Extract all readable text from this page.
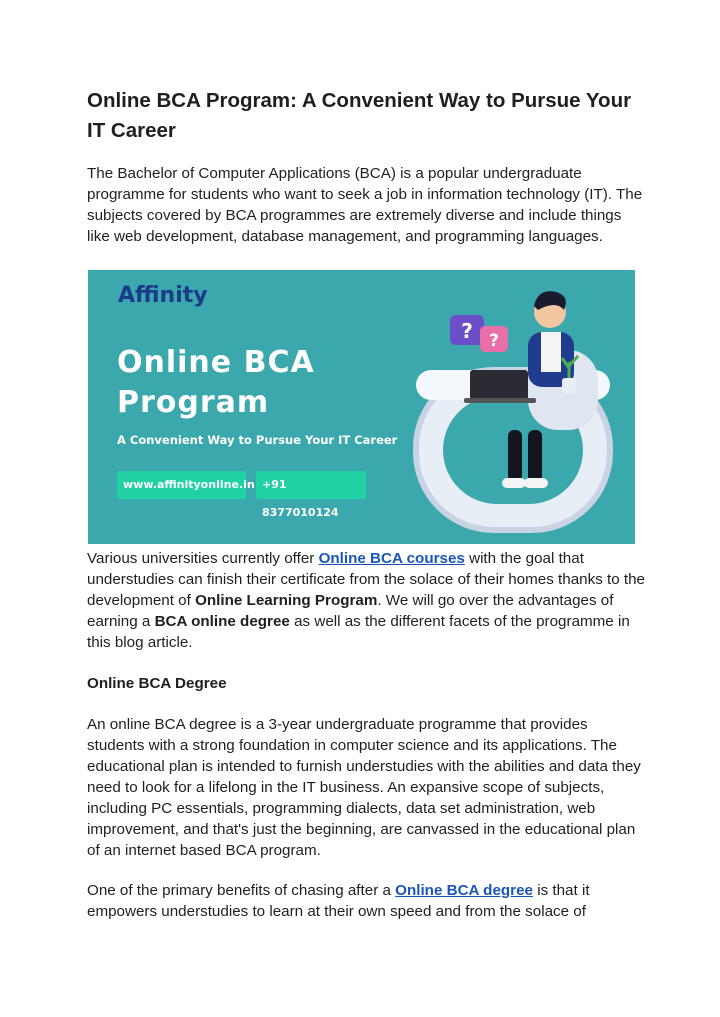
Online BCA Program: A Convenient Way to Pursue Your IT Career

The Bachelor of Computer Applications (BCA) is a popular undergraduate programme for students who want to seek a job in information technology (IT). The subjects covered by BCA programmes are extremely diverse and include things like web development, database management, and programming languages.

Affinity
Online BCA
Program
A Convenient Way to Pursue Your IT Career
www.affinityonline.in +91 8377010124
? ?

Various universities currently offer Online BCA courses with the goal that understudies can finish their certificate from the solace of their homes thanks to the development of Online Learning Program. We will go over the advantages of earning a BCA online degree as well as the different facets of the programme in this blog article.

Online BCA Degree

An online BCA degree is a 3-year undergraduate programme that provides students with a strong foundation in computer science and its applications. The educational plan is intended to furnish understudies with the abilities and data they need to look for a lifelong in the IT business. An expansive scope of subjects, including PC essentials, programming dialects, data set administration, web improvement, and that's just the beginning, are canvassed in the educational plan of an internet based BCA program.

One of the primary benefits of chasing after a Online BCA degree is that it empowers understudies to learn at their own speed and from the solace of
